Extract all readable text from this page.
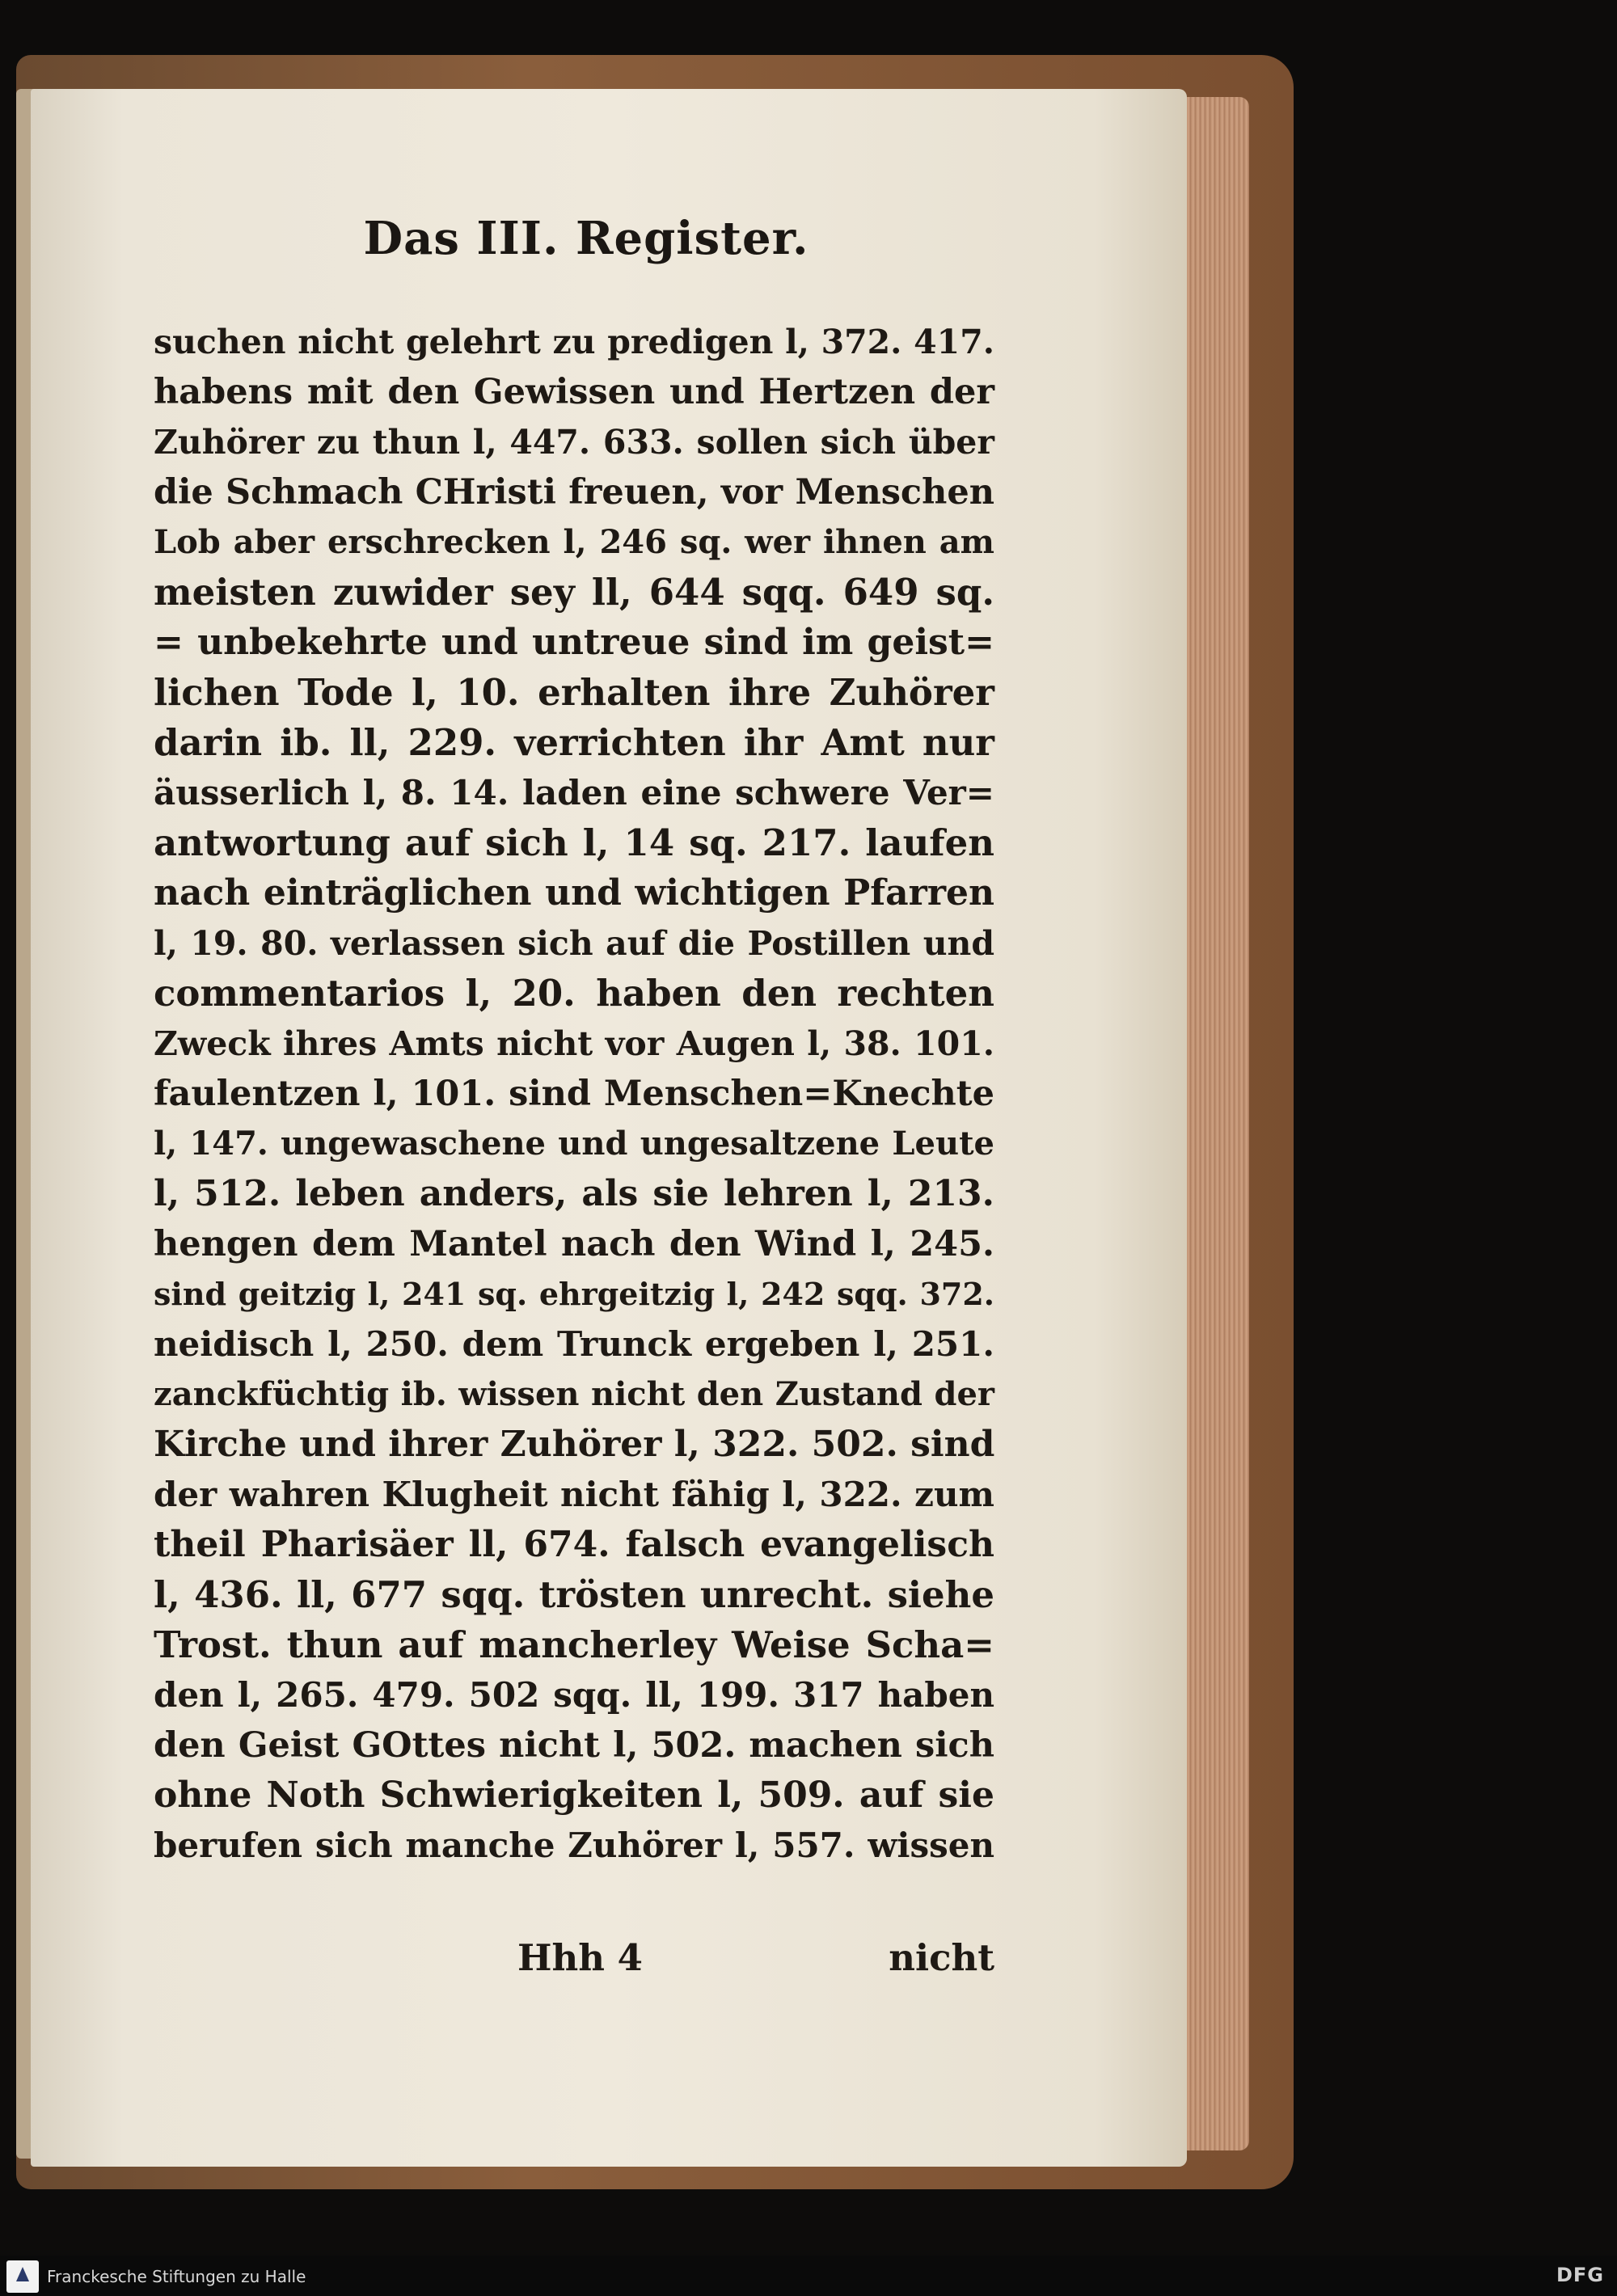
Das III. Register.
suchen nicht gelehrt zu predigen l, 372. 417.
habens mit den Gewissen und Hertzen der
Zuhörer zu thun l, 447. 633. sollen sich über
die Schmach CHristi freuen, vor Menschen
Lob aber erschrecken l, 246 sq. wer ihnen am
meisten zuwider sey ll, 644 sqq. 649 sq.
= unbekehrte und untreue sind im geist=
lichen Tode l, 10. erhalten ihre Zuhörer
darin ib. ll, 229. verrichten ihr Amt nur
äusserlich l, 8. 14. laden eine schwere Ver=
antwortung auf sich l, 14 sq. 217. laufen
nach einträglichen und wichtigen Pfarren
l, 19. 80. verlassen sich auf die Postillen und
commentarios l, 20. haben den rechten
Zweck ihres Amts nicht vor Augen l, 38. 101.
faulentzen l, 101. sind Menschen=Knechte
l, 147. ungewaschene und ungesaltzene Leute
l, 512. leben anders, als sie lehren l, 213.
hengen dem Mantel nach den Wind l, 245.
sind geitzig l, 241 sq. ehrgeitzig l, 242 sqq. 372.
neidisch l, 250. dem Trunck ergeben l, 251.
zanckfüchtig ib. wissen nicht den Zustand der
Kirche und ihrer Zuhörer l, 322. 502. sind
der wahren Klugheit nicht fähig l, 322. zum
theil Pharisäer ll, 674. falsch evangelisch
l, 436. ll, 677 sqq. trösten unrecht. siehe
Trost. thun auf mancherley Weise Scha=
den l, 265. 479. 502 sqq. ll, 199. 317 haben
den Geist GOttes nicht l, 502. machen sich
ohne Noth Schwierigkeiten l, 509. auf sie
berufen sich manche Zuhörer l, 557. wissen
Hhh 4	nicht
Franckesche Stiftungen zu Halle	DFG
